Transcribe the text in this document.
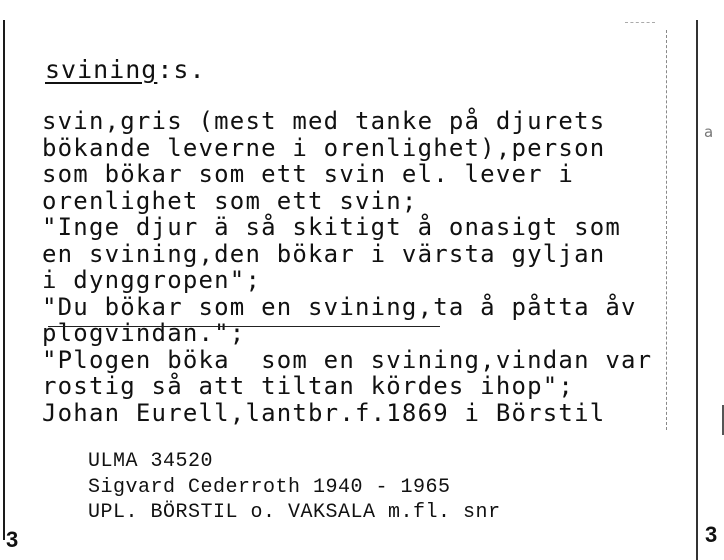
svining:s.
svin,gris (mest med tanke på djurets
bökande leverne i orenlighet),person
som bökar som ett svin el. lever i
orenlighet som ett svin;
"Inge djur ä så skitigt å onasigt som
en svining,den bökar i värsta gyljan
i dynggropen";
"Du bökar som en svining,ta å påtta åv
plogvindan.";
"Plogen böka  som en svining,vindan var
rostig så att tiltan kördes ihop";
Johan Eurell,lantbr.f.1869 i Börstil
ULMA 34520
Sigvard Cederroth 1940 - 1965
UPL. BÖRSTIL o. VAKSALA m.fl. snr
3	3
a
